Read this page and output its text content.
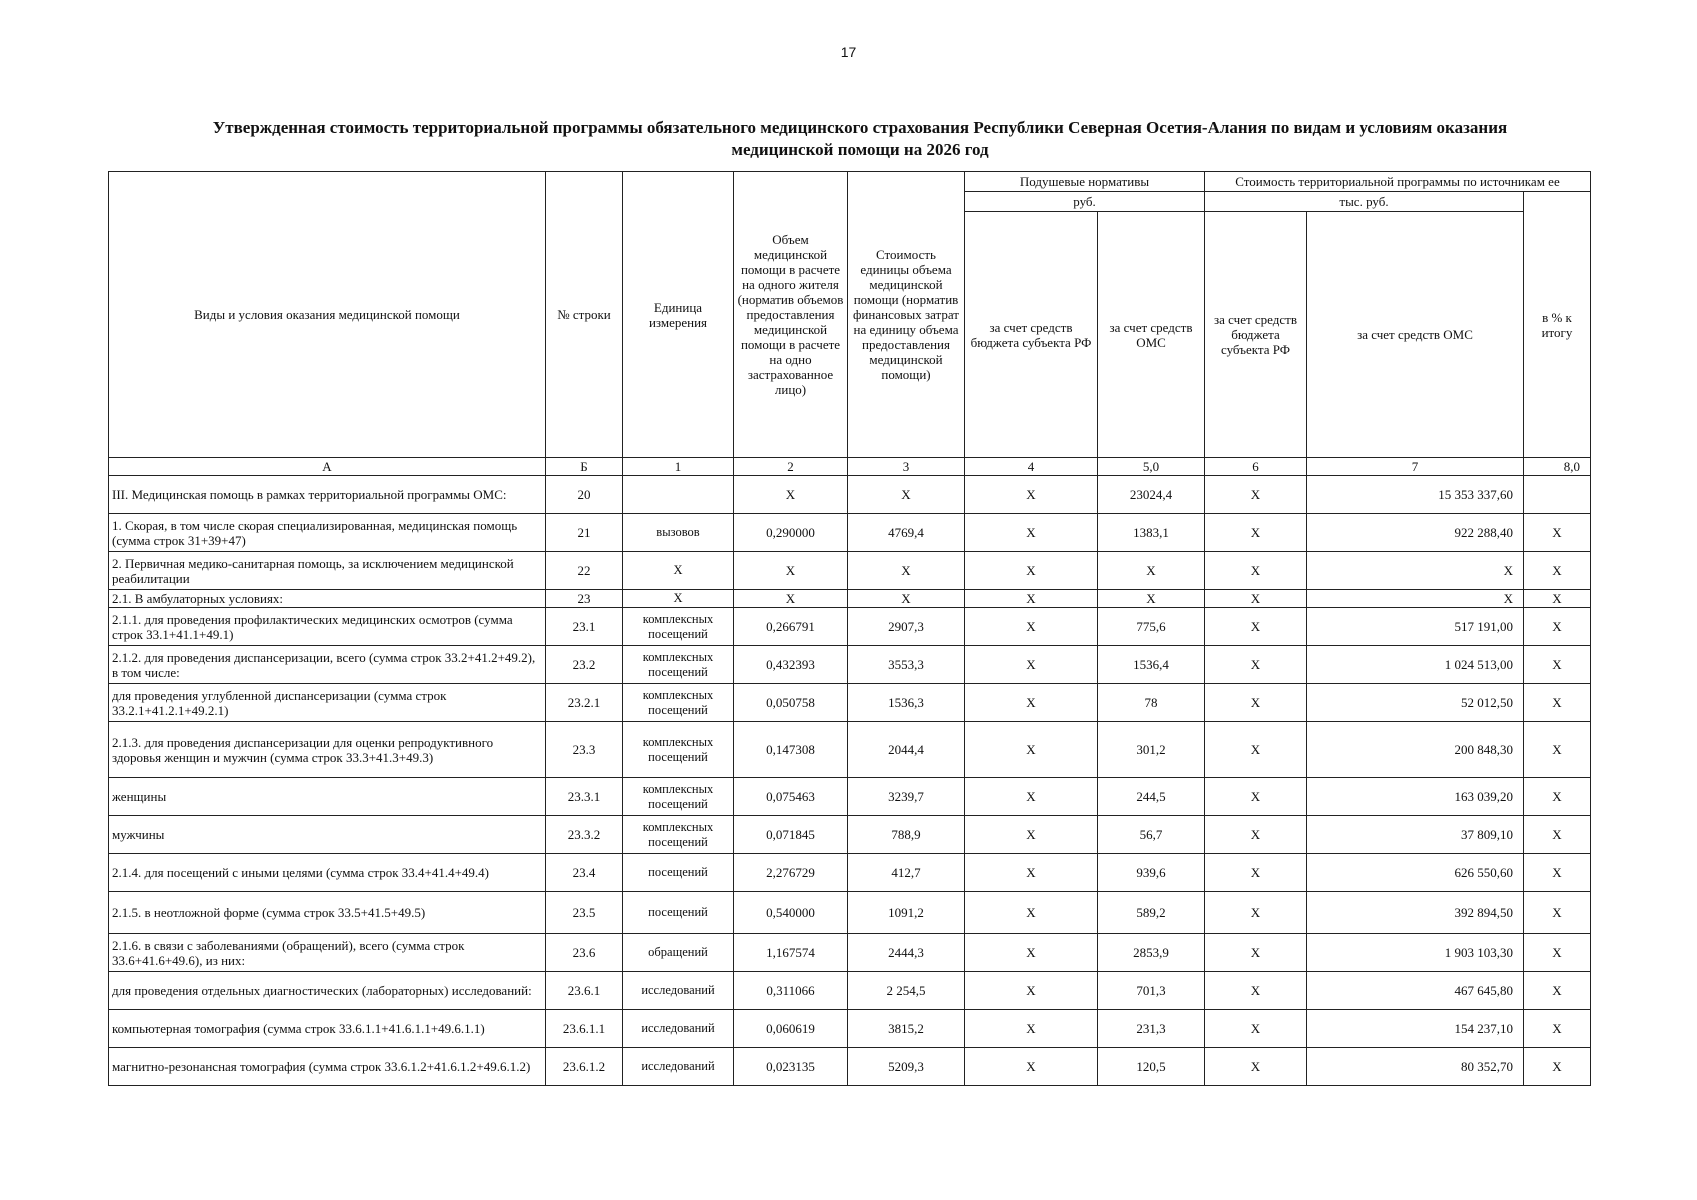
17
Утвержденная стоимость территориальной программы обязательного медицинского страхования Республики Северная Осетия-Алания по видам и условиям оказания
медицинской помощи на 2026 год
Виды и условия оказания медицинской помощи	№ строки	Единица измерения	Объем медицинской помощи в расчете на одного жителя (норматив объемов предоставления медицинской помощи в расчете на одно застрахованное лицо)	Стоимость единицы объема медицинской помощи (норматив финансовых затрат на единицу объема предоставления медицинской помощи)	Подушевые нормативы		Стоимость территориальной программы по источникам ее		
					руб.		тыс. руб.		в % к итогу
					за счет средств бюджета субъекта РФ	за счет средств ОМС	за счет средств бюджета субъекта РФ	за счет средств ОМС	
А	Б	1	2	3	4	5,0	6	7	8,0
III. Медицинская помощь в рамках территориальной программы ОМС:	20		X	X	X	23024,4	X	15 353 337,60	
1. Скорая, в том числе скорая специализированная, медицинская помощь (сумма строк 31+39+47)	21	вызовов	0,290000	4769,4	X	1383,1	X	922 288,40	X
2. Первичная медико-санитарная помощь, за исключением медицинской реабилитации	22	X	X	X	X	X	X	X	X
2.1. В амбулаторных условиях:	23	X	X	X	X	X	X	X	X
2.1.1. для проведения профилактических медицинских осмотров (сумма строк 33.1+41.1+49.1)	23.1	комплексных посещений	0,266791	2907,3	X	775,6	X	517 191,00	X
2.1.2. для проведения диспансеризации, всего (сумма строк 33.2+41.2+49.2), в том числе:	23.2	комплексных посещений	0,432393	3553,3	X	1536,4	X	1 024 513,00	X
для проведения углубленной диспансеризации (сумма строк 33.2.1+41.2.1+49.2.1)	23.2.1	комплексных посещений	0,050758	1536,3	X	78	X	52 012,50	X
2.1.3. для проведения диспансеризации для оценки репродуктивного здоровья женщин и мужчин (сумма строк 33.3+41.3+49.3)	23.3	комплексных посещений	0,147308	2044,4	X	301,2	X	200 848,30	X
женщины	23.3.1	комплексных посещений	0,075463	3239,7	X	244,5	X	163 039,20	X
мужчины	23.3.2	комплексных посещений	0,071845	788,9	X	56,7	X	37 809,10	X
2.1.4. для посещений с иными целями (сумма строк 33.4+41.4+49.4)	23.4	посещений	2,276729	412,7	X	939,6	X	626 550,60	X
2.1.5. в неотложной форме (сумма строк 33.5+41.5+49.5)	23.5	посещений	0,540000	1091,2	X	589,2	X	392 894,50	X
2.1.6. в связи с заболеваниями (обращений), всего (сумма строк 33.6+41.6+49.6), из них:	23.6	обращений	1,167574	2444,3	X	2853,9	X	1 903 103,30	X
для проведения отдельных диагностических (лабораторных) исследований:	23.6.1	исследований	0,311066	2 254,5	X	701,3	X	467 645,80	X
компьютерная томография (сумма строк 33.6.1.1+41.6.1.1+49.6.1.1)	23.6.1.1	исследований	0,060619	3815,2	X	231,3	X	154 237,10	X
магнитно-резонансная томография (сумма строк 33.6.1.2+41.6.1.2+49.6.1.2)	23.6.1.2	исследований	0,023135	5209,3	X	120,5	X	80 352,70	X
